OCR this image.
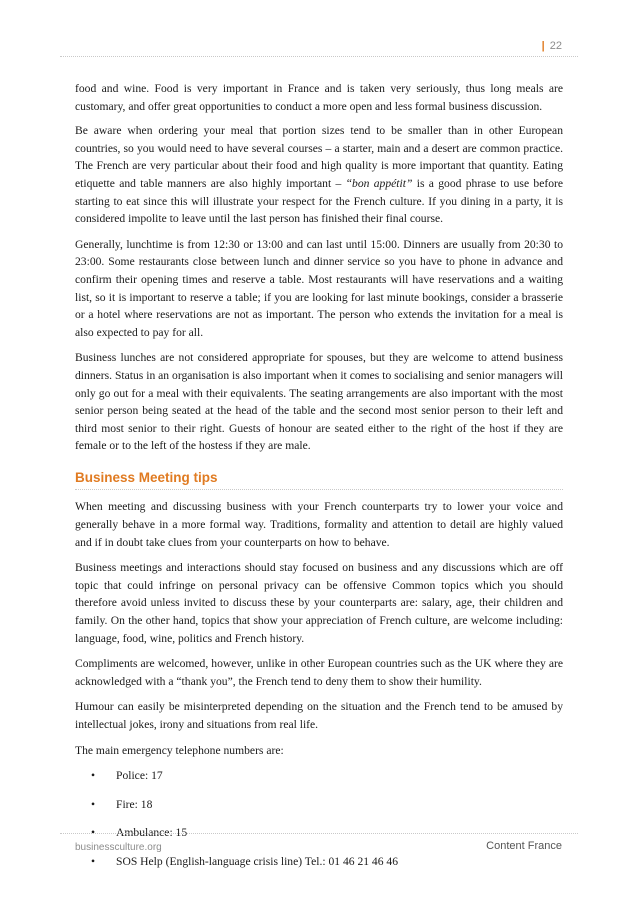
| 22

food and wine. Food is very important in France and is taken very seriously, thus long meals are customary, and offer great opportunities to conduct a more open and less formal business discussion.

Be aware when ordering your meal that portion sizes tend to be smaller than in other European countries, so you would need to have several courses – a starter, main and a desert are common practice. The French are very particular about their food and high quality is more important that quantity. Eating etiquette and table manners are also highly important – “bon appétit” is a good phrase to use before starting to eat since this will illustrate your respect for the French culture. If you dining in a party, it is considered impolite to leave until the last person has finished their final course.

Generally, lunchtime is from 12:30 or 13:00 and can last until 15:00. Dinners are usually from 20:30 to 23:00. Some restaurants close between lunch and dinner service so you have to phone in advance and confirm their opening times and reserve a table. Most restaurants will have reservations and a waiting list, so it is important to reserve a table; if you are looking for last minute bookings, consider a brasserie or a hotel where reservations are not as important. The person who extends the invitation for a meal is also expected to pay for all.

Business lunches are not considered appropriate for spouses, but they are welcome to attend business dinners. Status in an organisation is also important when it comes to socialising and senior managers will only go out for a meal with their equivalents. The seating arrangements are also important with the most senior person being seated at the head of the table and the second most senior person to their left and third most senior to their right. Guests of honour are seated either to the right of the host if they are female or to the left of the hostess if they are male.

Business Meeting tips

When meeting and discussing business with your French counterparts try to lower your voice and generally behave in a more formal way. Traditions, formality and attention to detail are highly valued and if in doubt take clues from your counterparts on how to behave.

Business meetings and interactions should stay focused on business and any discussions which are off topic that could infringe on personal privacy can be offensive Common topics which you should therefore avoid unless invited to discuss these by your counterparts are: salary, age, their children and family. On the other hand, topics that show your appreciation of French culture, are welcome including: language, food, wine, politics and French history.

Compliments are welcomed, however, unlike in other European countries such as the UK where they are acknowledged with a “thank you”, the French tend to deny them to show their humility.

Humour can easily be misinterpreted depending on the situation and the French tend to be amused by intellectual jokes, irony and situations from real life.

The main emergency telephone numbers are:

• Police: 17
• Fire: 18
• Ambulance: 15
• SOS Help (English-language crisis line) Tel.: 01 46 21 46 46
businessculture.org	Content France
